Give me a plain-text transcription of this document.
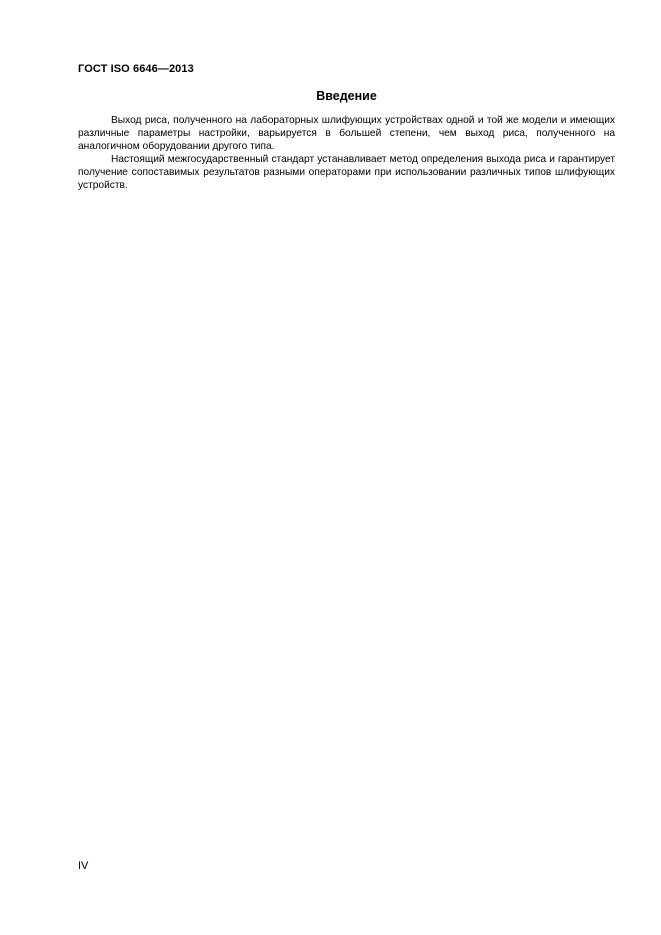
ГОСТ ISO 6646—2013
Введение

Выход риса, полученного на лабораторных шлифующих устройствах одной и той же модели и имеющих различные параметры настройки, варьируется в большей степени, чем выход риса, полученного на аналогичном оборудовании другого типа.

Настоящий межгосударственный стандарт устанавливает метод определения выхода риса и гарантирует получение сопоставимых результатов разными операторами при использовании различных типов шлифующих устройств.

IV
